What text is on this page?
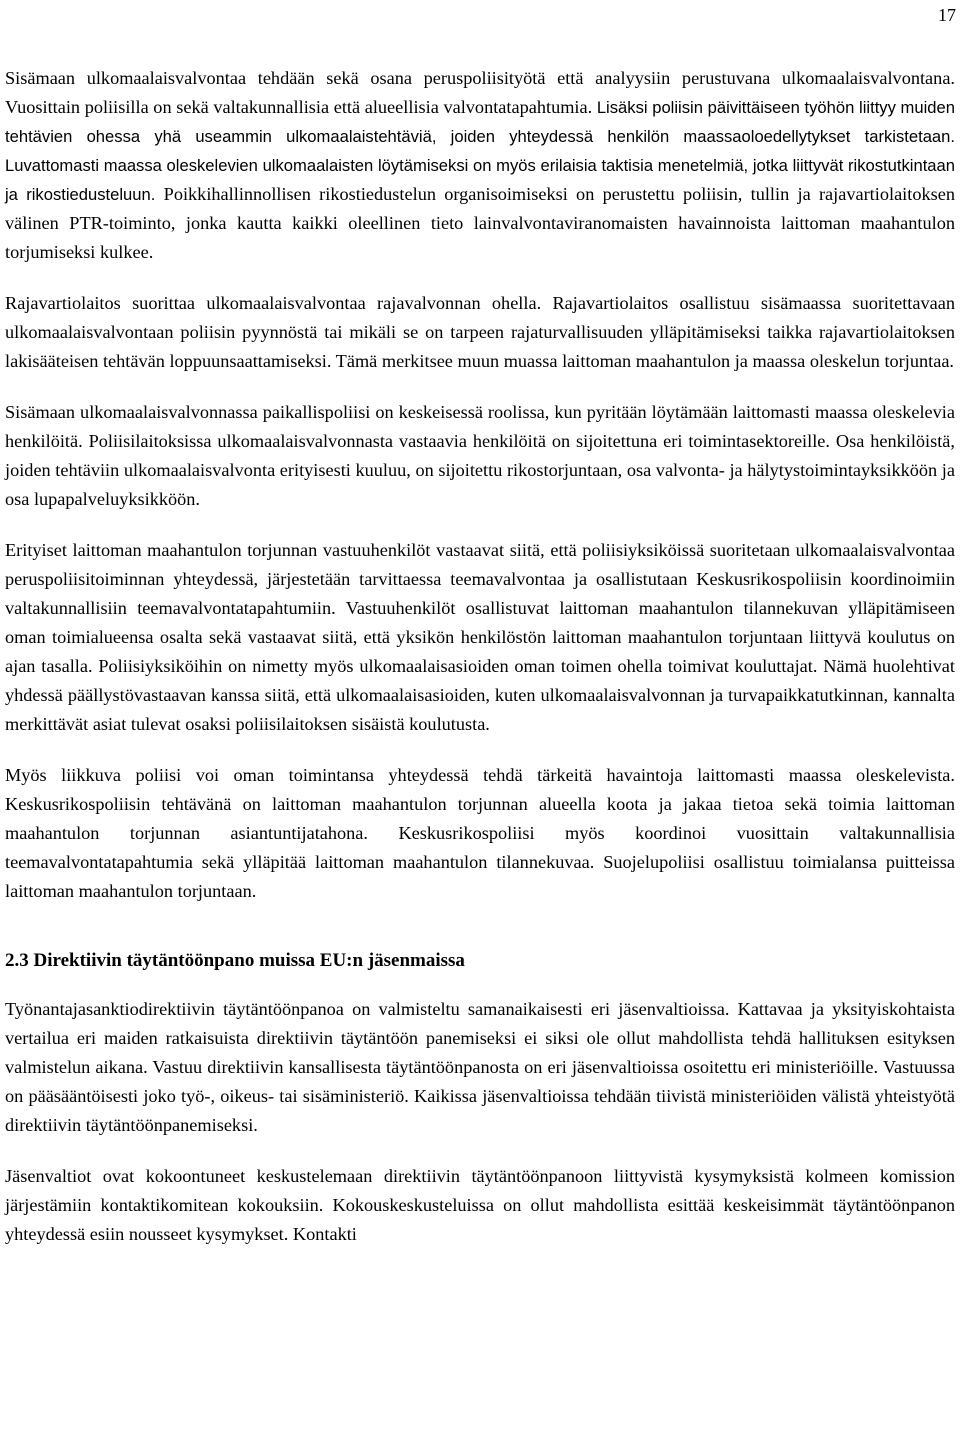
17

Sisämaan ulkomaalaisvalvontaa tehdään sekä osana peruspoliisityötä että analyysiin perustuvana ulkomaalaisvalvontana. Vuosittain poliisilla on sekä valtakunnallisia että alueellisia valvontatapahtumia. Lisäksi poliisin päivittäiseen työhön liittyy muiden tehtävien ohessa yhä useammin ulkomaalaistehtäviä, joiden yhteydessä henkilön maassaoloedellytykset tarkistetaan. Luvattomasti maassa oleskelevien ulkomaalaisten löytämiseksi on myös erilaisia taktisia menetelmiä, jotka liittyvät rikostutkintaan ja rikostiedusteluun. Poikkihallinnollisen rikostiedustelun organisoimiseksi on perustettu poliisin, tullin ja rajavartiolaitoksen välinen PTR-toiminto, jonka kautta kaikki oleellinen tieto lainvalvontaviranomaisten havainnoista laittoman maahantulon torjumiseksi kulkee.

Rajavartiolaitos suorittaa ulkomaalaisvalvontaa rajavalvonnan ohella. Rajavartiolaitos osallistuu sisämaassa suoritettavaan ulkomaalaisvalvontaan poliisin pyynnöstä tai mikäli se on tarpeen rajaturvallisuuden ylläpitämiseksi taikka rajavartiolaitoksen lakisääteisen tehtävän loppuunsaattamiseksi. Tämä merkitsee muun muassa laittoman maahantulon ja maassa oleskelun torjuntaa.

Sisämaan ulkomaalaisvalvonnassa paikallispoliisi on keskeisessä roolissa, kun pyritään löytämään laittomasti maassa oleskelevia henkilöitä. Poliisilaitoksissa ulkomaalaisvalvonnasta vastaavia henkilöitä on sijoitettuna eri toimintasektoreille. Osa henkilöistä, joiden tehtäviin ulkomaalaisvalvonta erityisesti kuuluu, on sijoitettu rikostorjuntaan, osa valvonta- ja hälytystoimintayksikköön ja osa lupapalveluyksikköön.

Erityiset laittoman maahantulon torjunnan vastuuhenkilöt vastaavat siitä, että poliisiyksiköissä suoritetaan ulkomaalaisvalvontaa peruspoliisitoiminnan yhteydessä, järjestetään tarvittaessa teemavalvontaa ja osallistutaan Keskusrikospoliisin koordinoimiin valtakunnallisiin teemavalvontatapahtumiin. Vastuuhenkilöt osallistuvat laittoman maahantulon tilannekuvan ylläpitämiseen oman toimialueensa osalta sekä vastaavat siitä, että yksikön henkilöstön laittoman maahantulon torjuntaan liittyvä koulutus on ajan tasalla. Poliisiyksiköihin on nimetty myös ulkomaalaisasioiden oman toimen ohella toimivat kouluttajat. Nämä huolehtivat yhdessä päällystövastaavan kanssa siitä, että ulkomaalaisasioiden, kuten ulkomaalaisvalvonnan ja turvapaikkatutkinnan, kannalta merkittävät asiat tulevat osaksi poliisilaitoksen sisäistä koulutusta.

Myös liikkuva poliisi voi oman toimintansa yhteydessä tehdä tärkeitä havaintoja laittomasti maassa oleskelevista. Keskusrikospoliisin tehtävänä on laittoman maahantulon torjunnan alueella koota ja jakaa tietoa sekä toimia laittoman maahantulon torjunnan asiantuntijatahona. Keskusrikospoliisi myös koordinoi vuosittain valtakunnallisia teemavalvontatapahtumia sekä ylläpitää laittoman maahantulon tilannekuvaa. Suojelupoliisi osallistuu toimialansa puitteissa laittoman maahantulon torjuntaan.

2.3 Direktiivin täytäntöönpano muissa EU:n jäsenmaissa

Työnantajasanktiodirektiivin täytäntöönpanoa on valmisteltu samanaikaisesti eri jäsenvaltioissa. Kattavaa ja yksityiskohtaista vertailua eri maiden ratkaisuista direktiivin täytäntöön panemiseksi ei siksi ole ollut mahdollista tehdä hallituksen esityksen valmistelun aikana. Vastuu direktiivin kansallisesta täytäntöönpanosta on eri jäsenvaltioissa osoitettu eri ministeriöille. Vastuussa on pääsääntöisesti joko työ-, oikeus- tai sisäministeriö. Kaikissa jäsenvaltioissa tehdään tiivistä ministeriöiden välistä yhteistyötä direktiivin täytäntöönpanemiseksi.

Jäsenvaltiot ovat kokoontuneet keskustelemaan direktiivin täytäntöönpanoon liittyvistä kysymyksistä kolmeen komission järjestämiin kontaktikomitean kokouksiin. Kokouskeskusteluissa on ollut mahdollista esittää keskeisimmät täytäntöönpanon yhteydessä esiin nousseet kysymykset. Kontakti
